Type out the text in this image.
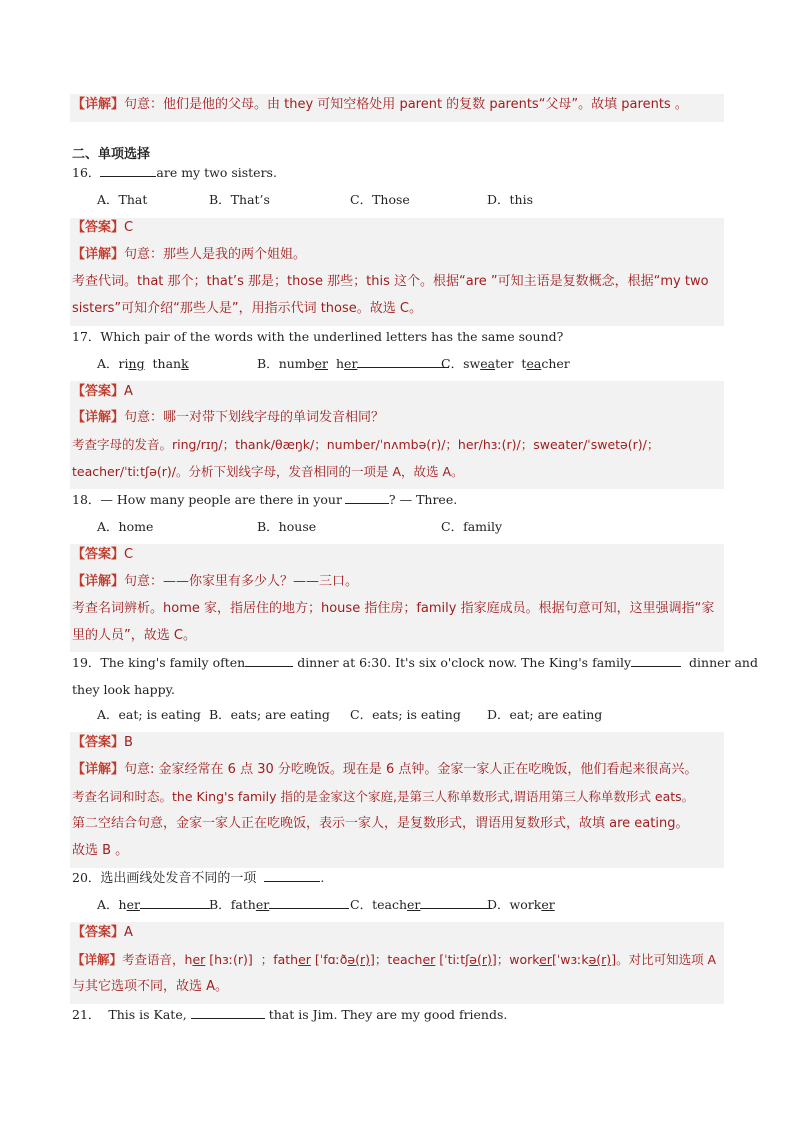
【详解】句意：他们是他的父母。由 they 可知空格处用 parent 的复数 parents“父母”。故填 parents 。
二、单项选择
16．	are my two sisters.
A．That	B．That’s	C．Those	D．this
【答案】C
【详解】句意：那些人是我的两个姐姐。
考查代词。that 那个；that’s 那是；those 那些；this 这个。根据“are ”可知主语是复数概念，根据“my two
sisters”可知介绍“那些人是”，用指示代词 those。故选 C。
17．Which pair of the words with the underlined letters has the same sound?
A．ring thank	B．number her	C．sweater teacher
【答案】A
【详解】句意：哪一对带下划线字母的单词发音相同？
考查字母的发音。ring/rɪŋ/；thank/θæŋk/；number/ˈnʌmbə(r)/；her/hɜː(r)/；sweater/ˈswetə(r)/；
teacher/ˈtiːtʃə(r)/。分析下划线字母，发音相同的一项是 A，故选 A。
18．— How many people are there in your	? — Three.
A．home	B．house	C．family
【答案】C
【详解】句意：——你家里有多少人？——三口。
考查名词辨析。home 家，指居住的地方；house 指住房；family 指家庭成员。根据句意可知，这里强调指“家
里的人员”，故选 C。
19．The king's family often	dinner at 6:30. It's six o'clock now. The King's family	dinner and
they look happy.
A．eat; is eating B．eats; are eating C．eats; is eating D．eat; are eating
【答案】B
【详解】句意: 金家经常在 6 点 30 分吃晚饭。现在是 6 点钟。金家一家人正在吃晚饭，他们看起来很高兴。
考查名词和时态。the King's family 指的是金家这个家庭,是第三人称单数形式,谓语用第三人称单数形式 eats。
第二空结合句意，金家一家人正在吃晚饭，表示一家人，是复数形式，谓语用复数形式，故填 are eating。
故选 B 。
20．选出画线处发音不同的一项	.
A．her	B．father	C．teacher	D．worker
【答案】A
【详解】考查语音，her [hɜː(r)]  ；father [ˈfɑːðə(r)]；teacher [ˈtiːtʃə(r)]；worker[ˈwɜːkə(r)]。对比可知选项 A
与其它选项不同，故选 A。
21． This is Kate,	that is Jim. They are my good friends.
